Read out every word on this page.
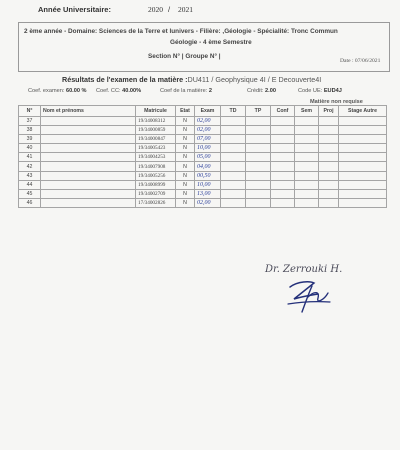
Année Universitaire:	2020 / 2021
2 ème année - Domaine: Sciences de la Terre et lunivers - Filière: ,Géologie - Spécialité: Tronc Commun
Géologie - 4 ème Semestre
Section N° | Groupe N° |
Date : 07/06/2021
Résultats de l'examen de la matière :DU411 / Geophysique 4I / E Decouverte4I
Coef. examen: 60.00 % Coef. CC: 40.00%	Coef de la matière: 2	Crédit: 2.00	Code UE: EUD4J
Matière non requise
N°	Nom et prénoms	Matricule	Etat	Exam	TD	TP	Conf	Sem	Proj	Stage Autre
37		19/34008312	N	02,00						
38		19/34000859	N	02,00						
39		19/34000847	N	07,00						
40		19/34005423	N	10,00						
41		19/34004253	N	05,00						
42		19/34007908	N	04,00						
43		19/34005256	N	00,50						
44		19/34008999	N	10,00						
45		19/34002709	N	13,00						
46		17/34002826	N	02,00						
Dr. Zerrouki H.
